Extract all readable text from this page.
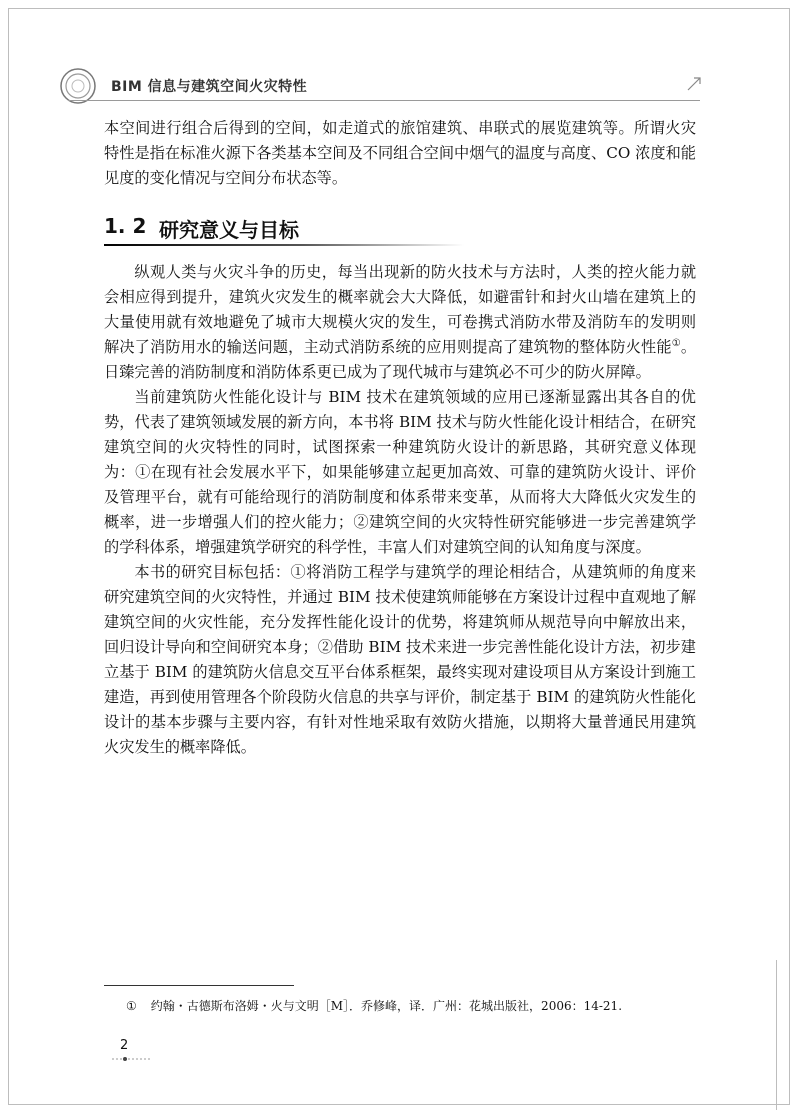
BIM 信息与建筑空间火灾特性

本空间进行组合后得到的空间，如走道式的旅馆建筑、串联式的展览建筑等。所谓火灾特性是指在标准火源下各类基本空间及不同组合空间中烟气的温度与高度、CO 浓度和能见度的变化情况与空间分布状态等。

1. 2 研究意义与目标

纵观人类与火灾斗争的历史，每当出现新的防火技术与方法时，人类的控火能力就会相应得到提升，建筑火灾发生的概率就会大大降低，如避雷针和封火山墙在建筑上的大量使用就有效地避免了城市大规模火灾的发生，可卷携式消防水带及消防车的发明则解决了消防用水的输送问题，主动式消防系统的应用则提高了建筑物的整体防火性能①。日臻完善的消防制度和消防体系更已成为了现代城市与建筑必不可少的防火屏障。

当前建筑防火性能化设计与 BIM 技术在建筑领域的应用已逐渐显露出其各自的优势，代表了建筑领域发展的新方向，本书将 BIM 技术与防火性能化设计相结合，在研究建筑空间的火灾特性的同时，试图探索一种建筑防火设计的新思路，其研究意义体现为：①在现有社会发展水平下，如果能够建立起更加高效、可靠的建筑防火设计、评价及管理平台，就有可能给现行的消防制度和体系带来变革，从而将大大降低火灾发生的概率，进一步增强人们的控火能力；②建筑空间的火灾特性研究能够进一步完善建筑学的学科体系，增强建筑学研究的科学性，丰富人们对建筑空间的认知角度与深度。

本书的研究目标包括：①将消防工程学与建筑学的理论相结合，从建筑师的角度来研究建筑空间的火灾特性，并通过 BIM 技术使建筑师能够在方案设计过程中直观地了解建筑空间的火灾性能，充分发挥性能化设计的优势，将建筑师从规范导向中解放出来，回归设计导向和空间研究本身；②借助 BIM 技术来进一步完善性能化设计方法，初步建立基于 BIM 的建筑防火信息交互平台体系框架，最终实现对建设项目从方案设计到施工建造，再到使用管理各个阶段防火信息的共享与评价，制定基于 BIM 的建筑防火性能化设计的基本步骤与主要内容，有针对性地采取有效防火措施，以期将大量普通民用建筑火灾发生的概率降低。

① 约翰・古德斯布洛姆・火与文明［M］．乔修峰，译．广州：花城出版社，2006：14-21.
2
